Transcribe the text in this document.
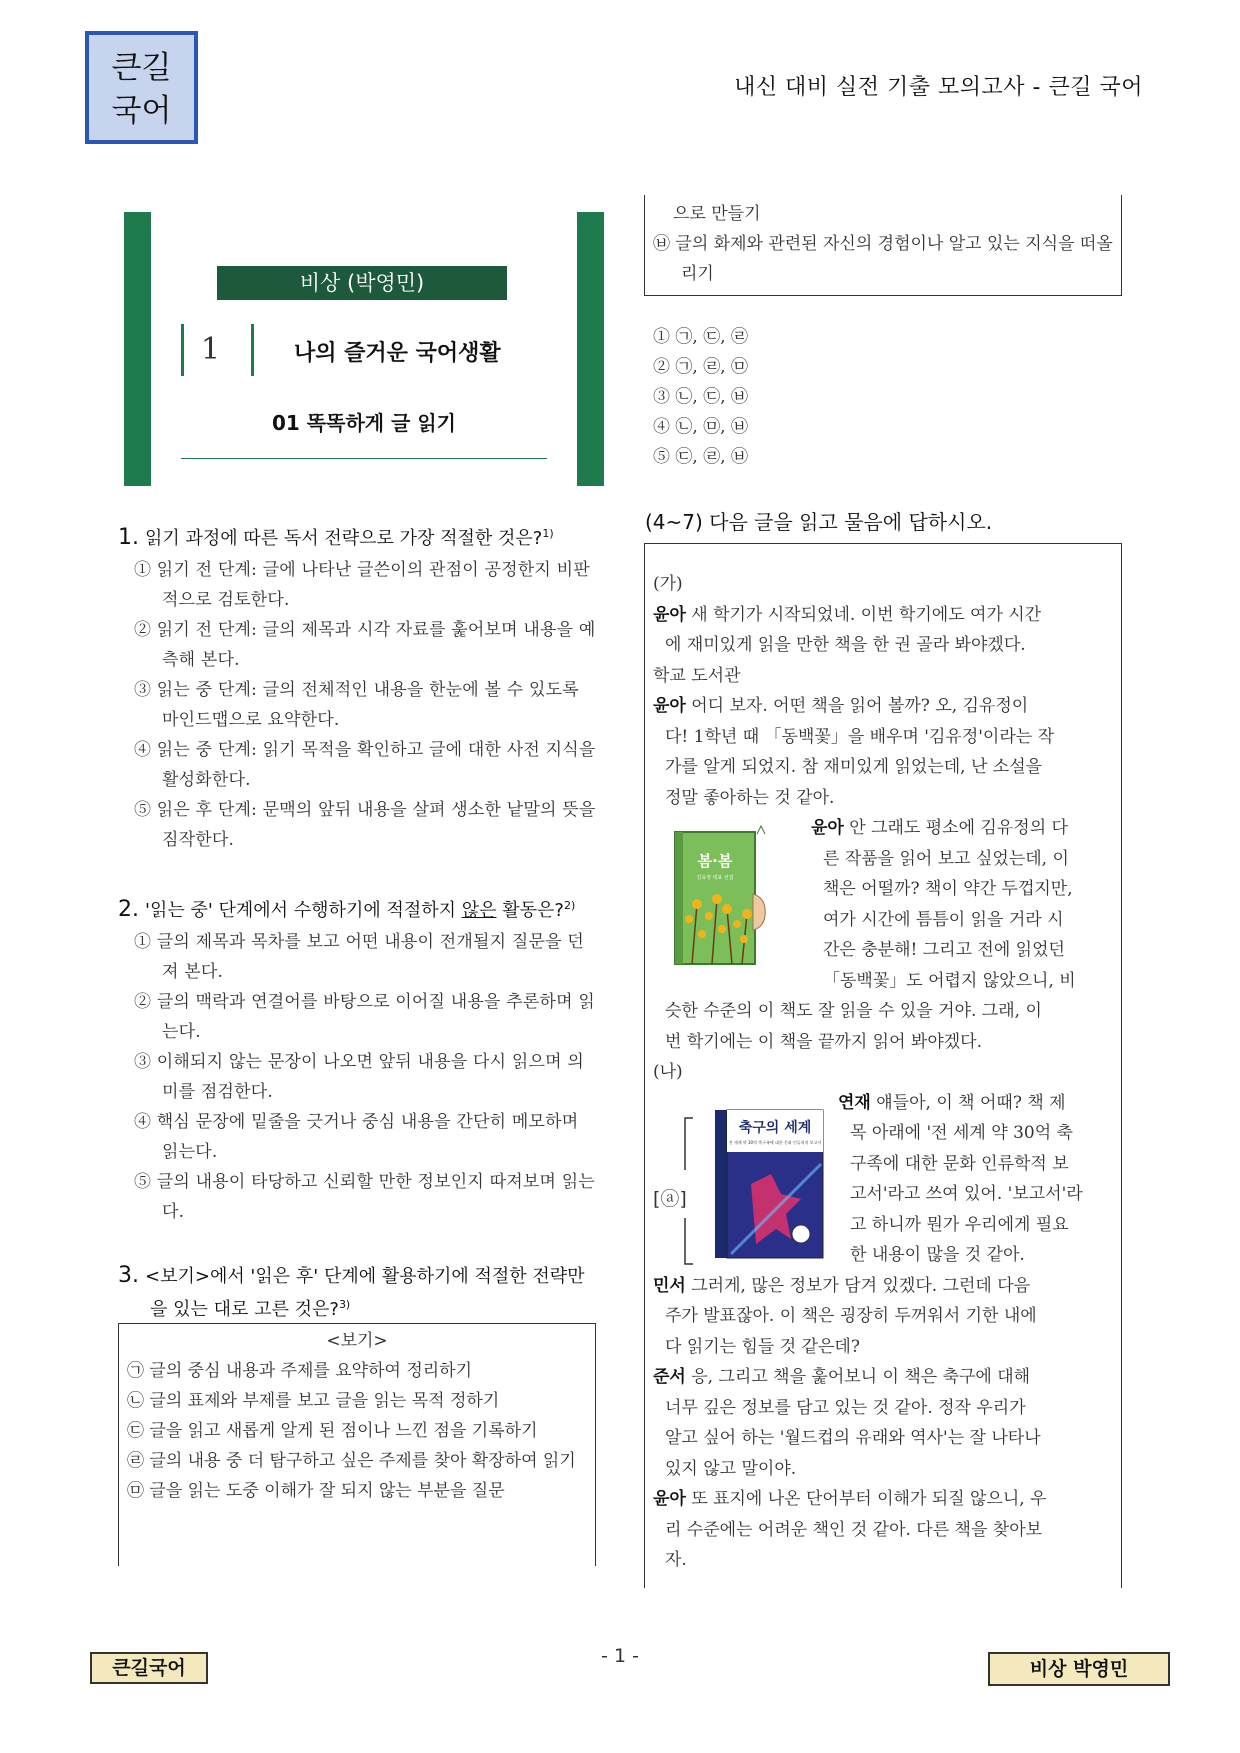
큰길
국어
내신 대비 실전 기출 모의고사 - 큰길 국어
비상 (박영민)
1	나의 즐거운 국어생활
01 똑똑하게 글 읽기
1. 읽기 과정에 따른 독서 전략으로 가장 적절한 것은?$^{1)}$
① 읽기 전 단계: 글에 나타난 글쓴이의 관점이 공정한지 비판적으로 검토한다.
② 읽기 전 단계: 글의 제목과 시각 자료를 훑어보며 내용을 예측해 본다.
③ 읽는 중 단계: 글의 전체적인 내용을 한눈에 볼 수 있도록 마인드맵으로 요약한다.
④ 읽는 중 단계: 읽기 목적을 확인하고 글에 대한 사전 지식을 활성화한다.
⑤ 읽은 후 단계: 문맥의 앞뒤 내용을 살펴 생소한 낱말의 뜻을 짐작한다.
2. '읽는 중' 단계에서 수행하기에 적절하지 않은 활동은?$^{2)}$
① 글의 제목과 목차를 보고 어떤 내용이 전개될지 질문을 던져 본다.
② 글의 맥락과 연결어를 바탕으로 이어질 내용을 추론하며 읽는다.
③ 이해되지 않는 문장이 나오면 앞뒤 내용을 다시 읽으며 의미를 점검한다.
④ 핵심 문장에 밑줄을 긋거나 중심 내용을 간단히 메모하며 읽는다.
⑤ 글의 내용이 타당하고 신뢰할 만한 정보인지 따져보며 읽는다.
3. <보기>에서 '읽은 후' 단계에 활용하기에 적절한 전략만을 있는 대로 고른 것은?$^{3)}$
<보기>
㉠ 글의 중심 내용과 주제를 요약하여 정리하기
㉡ 글의 표제와 부제를 보고 글을 읽는 목적 정하기
㉢ 글을 읽고 새롭게 알게 된 점이나 느낀 점을 기록하기
㉣ 글의 내용 중 더 탐구하고 싶은 주제를 찾아 확장하여 읽기
㉤ 글을 읽는 도중 이해가 잘 되지 않는 부분을 질문
으로 만들기
㉥ 글의 화제와 관련된 자신의 경험이나 알고 있는 지식을 떠올리기
① ㉠, ㉢, ㉣
② ㉠, ㉣, ㉤
③ ㉡, ㉢, ㉥
④ ㉡, ㉤, ㉥
⑤ ㉢, ㉣, ㉥
(4~7) 다음 글을 읽고 물음에 답하시오.
(가)
윤아 새 학기가 시작되었네. 이번 학기에도 여가 시간
에 재미있게 읽을 만한 책을 한 권 골라 봐야겠다.
학교 도서관
윤아 어디 보자. 어떤 책을 읽어 볼까? 오, 김유정이
다! 1학년 때 「동백꽃」을 배우며 '김유정'이라는 작
가를 알게 되었지. 참 재미있게 읽었는데, 난 소설을
정말 좋아하는 것 같아.
윤아 안 그래도 평소에 김유정의 다
른 작품을 읽어 보고 싶었는데, 이
책은 어떨까? 책이 약간 두껍지만,
여가 시간에 틈틈이 읽을 거라 시
간은 충분해! 그리고 전에 읽었던
「동백꽃」도 어렵지 않았으니, 비
슷한 수준의 이 책도 잘 읽을 수 있을 거야. 그래, 이
번 학기에는 이 책을 끝까지 읽어 봐야겠다.
(나)
연재 얘들아, 이 책 어때? 책 제
목 아래에 '전 세계 약 30억 축
구족에 대한 문화 인류학적 보
고서'라고 쓰여 있어. '보고서'라
고 하니까 뭔가 우리에게 필요
한 내용이 많을 것 같아.
민서 그러게, 많은 정보가 담겨 있겠다. 그런데 다음
주가 발표잖아. 이 책은 굉장히 두꺼워서 기한 내에
다 읽기는 힘들 것 같은데?
준서 응, 그리고 책을 훑어보니 이 책은 축구에 대해
너무 깊은 정보를 담고 있는 것 같아. 정작 우리가
알고 싶어 하는 '월드컵의 유래와 역사'는 잘 나타나
있지 않고 말이야.
윤아 또 표지에 나온 단어부터 이해가 되질 않으니, 우
리 수준에는 어려운 책인 것 같아. 다른 책을 찾아보
자.
봄·봄
김유정 대표 선집
[ⓐ]
축구의 세계
전 세계 약 30억 축구족에 대한 문화 인류학적 보고서
큰길국어
- 1 -
비상 박영민
